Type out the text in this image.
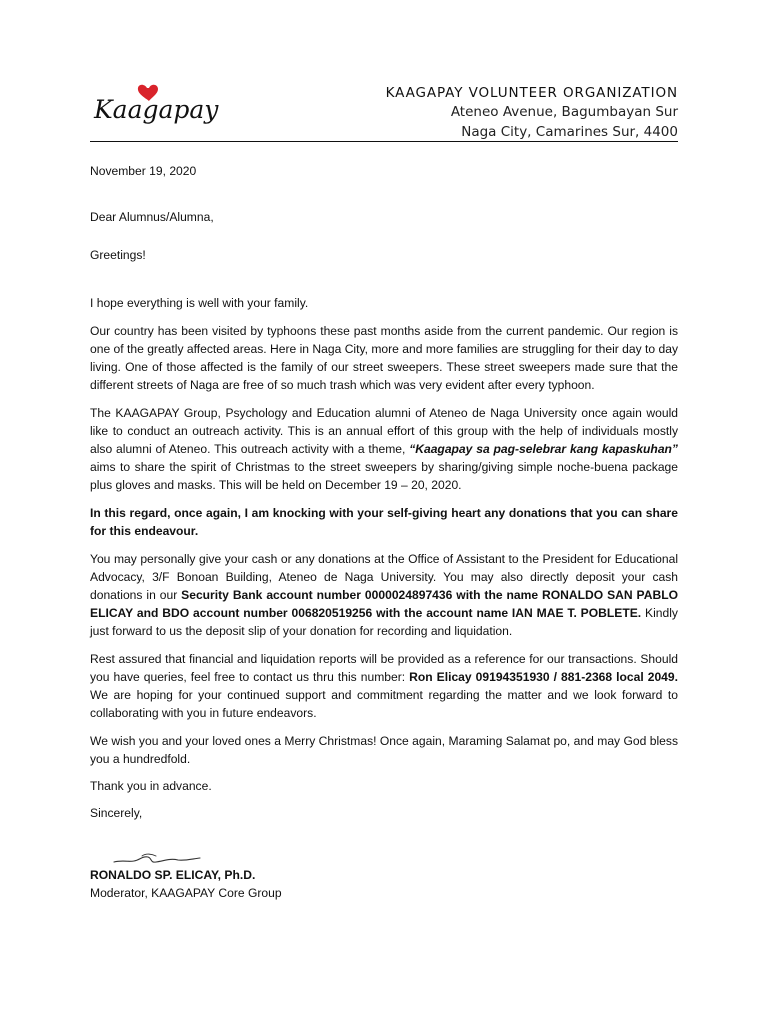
Kaagapay
KAAGAPAY VOLUNTEER ORGANIZATION
Ateneo Avenue, Bagumbayan Sur
Naga City, Camarines Sur, 4400

November 19, 2020

Dear Alumnus/Alumna,

Greetings!

I hope everything is well with your family.

Our country has been visited by typhoons these past months aside from the current pandemic. Our region is one of the greatly affected areas. Here in Naga City, more and more families are struggling for their day to day living. One of those affected is the family of our street sweepers. These street sweepers made sure that the different streets of Naga are free of so much trash which was very evident after every typhoon.

The KAAGAPAY Group, Psychology and Education alumni of Ateneo de Naga University once again would like to conduct an outreach activity. This is an annual effort of this group with the help of individuals mostly also alumni of Ateneo. This outreach activity with a theme, “Kaagapay sa pag-selebrar kang kapaskuhan” aims to share the spirit of Christmas to the street sweepers by sharing/giving simple noche-buena package plus gloves and masks. This will be held on December 19 – 20, 2020.

In this regard, once again, I am knocking with your self-giving heart any donations that you can share for this endeavour.

You may personally give your cash or any donations at the Office of Assistant to the President for Educational Advocacy, 3/F Bonoan Building, Ateneo de Naga University. You may also directly deposit your cash donations in our Security Bank account number 0000024897436 with the name RONALDO SAN PABLO ELICAY and BDO account number 006820519256 with the account name IAN MAE T. POBLETE. Kindly just forward to us the deposit slip of your donation for recording and liquidation.

Rest assured that financial and liquidation reports will be provided as a reference for our transactions. Should you have queries, feel free to contact us thru this number: Ron Elicay 09194351930 / 881-2368 local 2049. We are hoping for your continued support and commitment regarding the matter and we look forward to collaborating with you in future endeavors.

We wish you and your loved ones a Merry Christmas! Once again, Maraming Salamat po, and may God bless you a hundredfold.

Thank you in advance.

Sincerely,

RONALDO SP. ELICAY, Ph.D.
Moderator, KAAGAPAY Core Group
